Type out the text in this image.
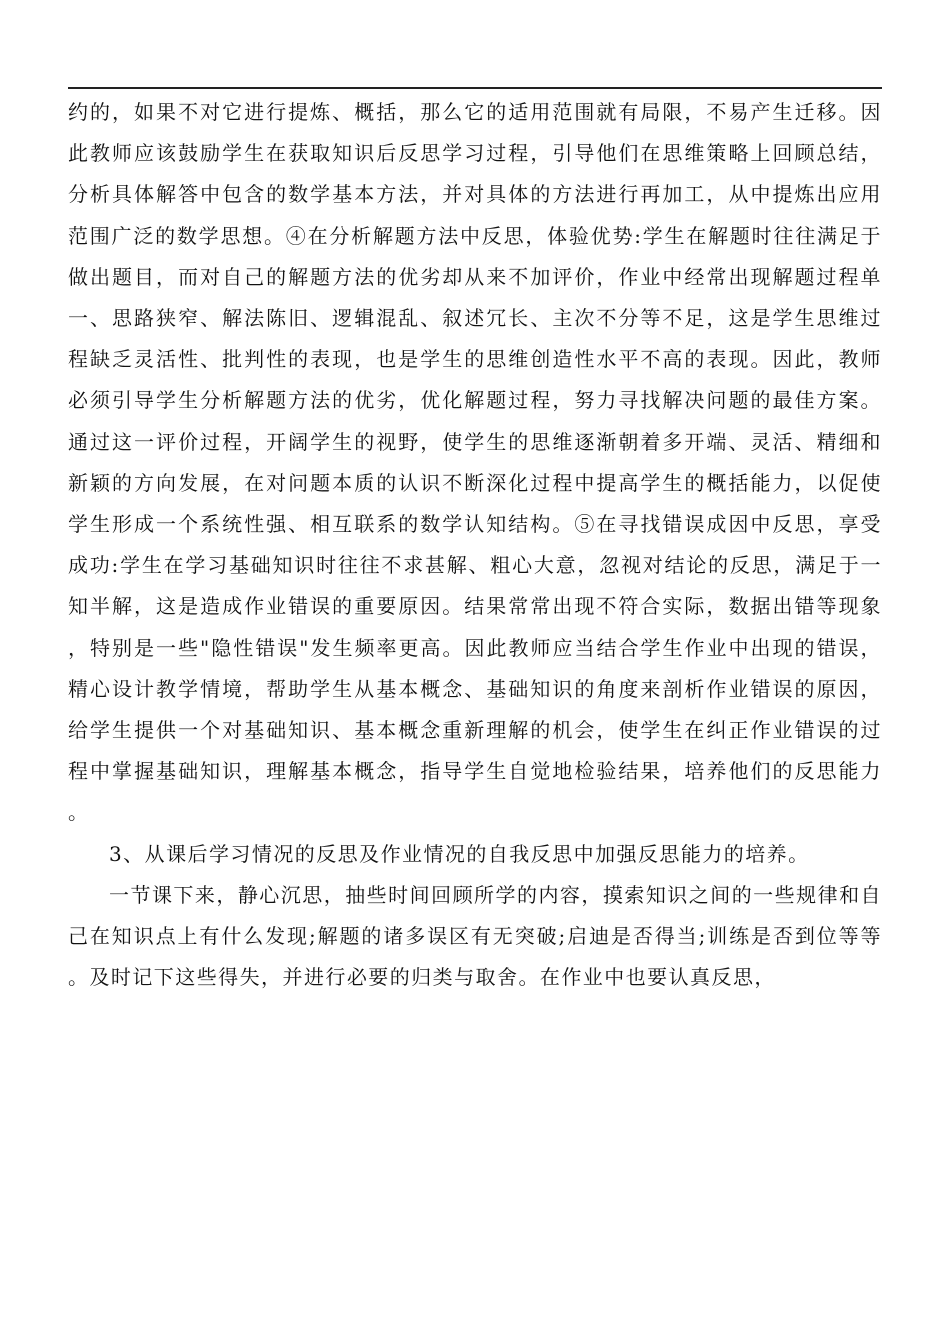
约的，如果不对它进行提炼、概括，那么它的适用范围就有局限，不易产生迁移。因此教师应该鼓励学生在获取知识后反思学习过程，引导他们在思维策略上回顾总结，分析具体解答中包含的数学基本方法，并对具体的方法进行再加工，从中提炼出应用范围广泛的数学思想。④在分析解题方法中反思，体验优势:学生在解题时往往满足于做出题目，而对自己的解题方法的优劣却从来不加评价，作业中经常出现解题过程单一、思路狭窄、解法陈旧、逻辑混乱、叙述冗长、主次不分等不足，这是学生思维过程缺乏灵活性、批判性的表现，也是学生的思维创造性水平不高的表现。因此，教师必须引导学生分析解题方法的优劣，优化解题过程，努力寻找解决问题的最佳方案。通过这一评价过程，开阔学生的视野，使学生的思维逐渐朝着多开端、灵活、精细和新颖的方向发展，在对问题本质的认识不断深化过程中提高学生的概括能力，以促使学生形成一个系统性强、相互联系的数学认知结构。⑤在寻找错误成因中反思，享受成功:学生在学习基础知识时往往不求甚解、粗心大意，忽视对结论的反思，满足于一知半解，这是造成作业错误的重要原因。结果常常出现不符合实际，数据出错等现象，特别是一些"隐性错误"发生频率更高。因此教师应当结合学生作业中出现的错误，精心设计教学情境，帮助学生从基本概念、基础知识的角度来剖析作业错误的原因，给学生提供一个对基础知识、基本概念重新理解的机会，使学生在纠正作业错误的过程中掌握基础知识，理解基本概念，指导学生自觉地检验结果，培养他们的反思能力。

3、从课后学习情况的反思及作业情况的自我反思中加强反思能力的培养。

一节课下来，静心沉思，抽些时间回顾所学的内容，摸索知识之间的一些规律和自己在知识点上有什么发现;解题的诸多误区有无突破;启迪是否得当;训练是否到位等等。及时记下这些得失，并进行必要的归类与取舍。在作业中也要认真反思，
